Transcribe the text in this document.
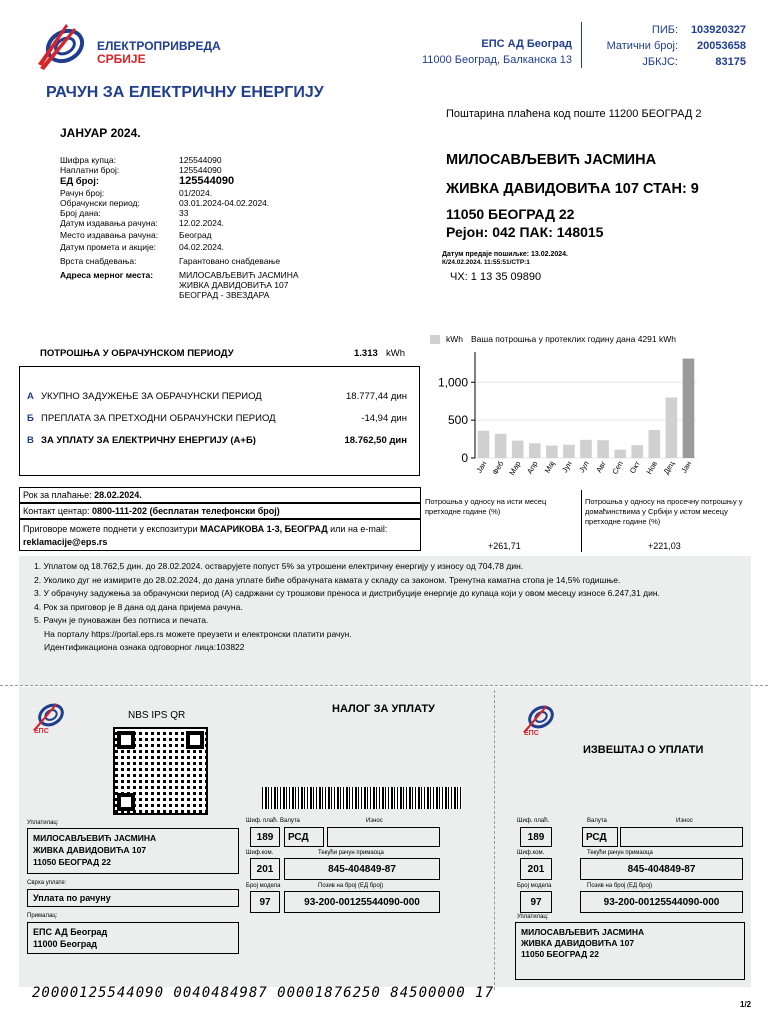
ЕЛЕКТРОПРИВРЕДА
СРБИЈЕ
ЕПС АД Београд
11000 Београд, Балканска 13
ПИБ: 103920327
Матични број: 20053658
ЈБКЈС:	83175
РАЧУН ЗА ЕЛЕКТРИЧНУ ЕНЕРГИЈУ
Поштарина плаћена код поште 11200 БЕОГРАД 2
ЈАНУАР 2024.
Шифра купца:	125544090
Наплатни број:	125544090
ЕД број:	125544090
Рачун број:	01/2024.
Обрачунски период:	03.01.2024-04.02.2024.
Број дана:	33
Датум издавања рачуна:	12.02.2024.
Место издавања рачуна: Београд
Датум промета и акције:	04.02.2024.
Врста снабдевања:	Гарантовано снабдевање
Адреса мерног места:	МИЛОСАВЉЕВИЋ ЈАСМИНА
ЖИВКА ДАВИДОВИЋА 107
БЕОГРАД - ЗВЕЗДАРА
МИЛОСАВЉЕВИЋ ЈАСМИНА
ЖИВКА ДАВИДОВИЋА 107 СТАН: 9
11050 БЕОГРАД 22
Рејон: 042 ПАК: 148015
Датум предаје пошиљке: 13.02.2024.
К/24.02.2024. 11:55:51/СТР:1
ЧХ: 1 13 35 09890
ПОТРОШЊА У ОБРАЧУНСКОМ ПЕРИОДУ	1.313 kWh
А УКУПНО ЗАДУЖЕЊЕ ЗА ОБРАЧУНСКИ ПЕРИОД	18.777,44 дин
Б ПРЕПЛАТА ЗА ПРЕТХОДНИ ОБРАЧУНСКИ ПЕРИОД	-14,94 дин
В ЗА УПЛАТУ ЗА ЕЛЕКТРИЧНУ ЕНЕРГИЈУ (А+Б)	18.762,50 дин
kWh Ваша потрошња у протеклих годину дана 4291 kWh
0
500
1,000
Јан Феб Мар Апр Мај Јун Јул Авг Сеп Окт Нов Дец Јан
Рок за плаћање: 28.02.2024.
Контакт центар: 0800-111-202 (бесплатан телефонски број)
Приговоре можете поднети у експозитури МАСАРИКОВА 1-3, БЕОГРАД или на e-mail: reklamacije@eps.rs
Потрошња у односу на исти месец претходне године (%)
+261,71
Потрошња у односу на просечну потрошњу у домаћинствима у Србији у истом месецу претходне године (%)
+221,03
1. Уплатом од 18.762,5 дин. до 28.02.2024. остварујете попуст 5% за утрошени електричну енергију у износу од 704,78 дин.
2. Уколико дуг не измирите до 28.02.2024, до дана уплате биће обрачуната камата у складу са законом. Тренутна каматна стопа је 14,5% годишње.
3. У обрачуну задужења за обрачунски период (А) садржани су трошкови преноса и дистрибуције енергије до купаца који у овом месецу износе 6.247,31 дин.
4. Рок за приговор је 8 дана од дана пријема рачуна.
5. Рачун је пуноважан без потписа и печата.
На порталу https://portal.eps.rs можете преузети и електронски платити рачун.
Идентификациона ознака одговорног лица:103822
ЕПС
NBS IPS QR
НАЛОГ ЗА УПЛАТУ
Уплатилац:
МИЛОСАВЉЕВИЋ ЈАСМИНА
ЖИВКА ДАВИДОВИЋА 107
11050 БЕОГРАД 22
Сврха уплате:
Уплата по рачуну
Прималац:
ЕПС АД Београд
11000 Београд
Шиф. плаћ. Валута	Износ
189	РСД
Шиф.ком.	Текући рачун примаоца
201	845-404849-87
Број модела	Позив на број (ЕД број)
97	93-200-00125544090-000
ЕПС
ИЗВЕШТАЈ О УПЛАТИ
Шиф. плаћ.	Валута	Износ
189	РСД
Шиф.ком.	Текући рачун примаоца
201	845-404849-87
Број модела	Позив на број (ЕД број)
97	93-200-00125544090-000
Уплатилац:
МИЛОСАВЉЕВИЋ ЈАСМИНА
ЖИВКА ДАВИДОВИЋА 107
11050 БЕОГРАД 22
20000125544090 0040484987 00001876250 84500000 17
1/2
